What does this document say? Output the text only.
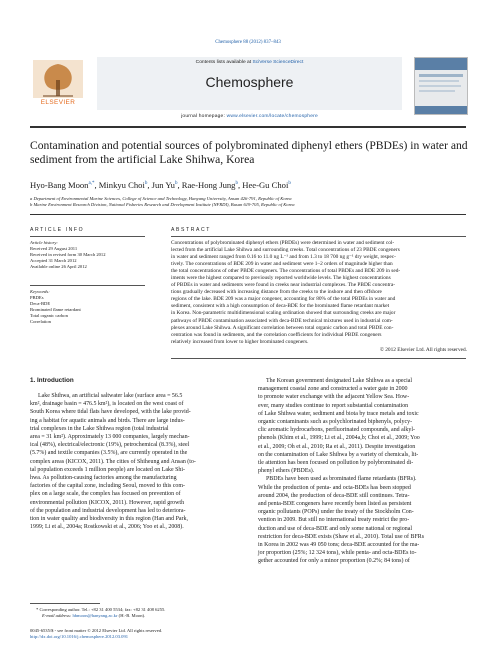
Chemosphere 88 (2012) 837–843
ELSEVIER
Contents lists available at SciVerse ScienceDirect
Chemosphere
journal homepage: www.elsevier.com/locate/chemosphere
Contamination and potential sources of polybrominated diphenyl ethers (PBDEs) in water and sediment from the artificial Lake Shihwa, Korea
Hyo-Bang Moon$^{a,*}$, Minkyu Choi$^b$, Jun Yu$^b$, Rae-Hong Jung$^b$, Hee-Gu Choi$^b$
a Department of Environmental Marine Sciences, College of Science and Technology, Hanyang University, Ansan 426-791, Republic of Korea
b Marine Environment Research Division, National Fisheries Research and Development Institute (NFRDI), Busan 619-705, Republic of Korea
ARTICLE INFO
Article history:
Received 29 August 2011
Received in revised form 30 March 2012
Accepted 31 March 2012
Available online 26 April 2012
Keywords:
PBDEs
Deca-BDE
Brominated flame retardant
Total organic carbon
Correlation
ABSTRACT
Concentrations of polybrominated diphenyl ethers (PBDEs) were determined in water and sediment col-
lected from the artificial Lake Shihwa and surrounding creeks. Total concentrations of 23 PBDE congeners
in water and sediment ranged from 0.16 to 11.0 ng L⁻¹ and from 1.3 to 18 700 ng g⁻¹ dry weight, respec-
tively. The concentrations of BDE 209 in water and sediment were 1–2 orders of magnitude higher than
the total concentrations of other PBDE congeners. The concentrations of total PBDEs and BDE 209 in sed-
iments were the highest compared to previously reported worldwide levels. The highest concentrations
of PBDEs in water and sediments were found in creeks near industrial complexes. The PBDE concentra-
tions gradually decreased with increasing distance from the creeks to the inshore and then offshore
regions of the lake. BDE 209 was a major congener, accounting for 80% of the total PBDEs in water and
sediment, consistent with a high consumption of deca-BDE for the brominated flame retardant market
in Korea. Non-parametric multidimensional scaling ordination showed that surrounding creeks are major
pathways of PBDE contamination associated with deca-BDE technical mixtures used in industrial com-
plexes around Lake Shihwa. A significant correlation between total organic carbon and total PBDE con-
centration was found in sediments, and the correlation coefficients for individual PBDE congeners
relatively increased from lower to higher brominated congeners.
© 2012 Elsevier Ltd. All rights reserved.
1. Introduction
Lake Shihwa, an artificial saltwater lake (surface area = 56.5
km², drainage basin = 476.5 km²), is located on the west coast of
South Korea where tidal flats have developed, with the lake provid-
ing a habitat for aquatic animals and birds. There are large indus-
trial complexes in the Lake Shihwa region (total industrial
area = 31 km²). Approximately 13 000 companies, largely mechan-
ical (48%), electrical/electronic (19%), petrochemical (8.3%), steel
(5.7%) and textile companies (3.5%), are currently operated in the
complex areas (KICOX, 2011). The cities of Shiheung and Ansan (to-
tal population exceeds 1 million people) are located on Lake Shi-
hwa. As pollution-causing factories among the manufacturing
factories of the capital zone, including Seoul, moved to this com-
plex on a large scale, the complex has focused on prevention of
environmental pollution (KICOX, 2011). However, rapid growth
of the population and industrial development has led to deteriora-
tion in water quality and biodiversity in this region (Han and Park,
1999; Li et al., 2004a; Rostkowski et al., 2006; Yoo et al., 2008).
The Korean government designated Lake Shihwa as a special
management coastal zone and constructed a water gate in 2000
to promote water exchange with the adjacent Yellow Sea. How-
ever, many studies continue to report substantial contamination
of Lake Shihwa water, sediment and biota by trace metals and toxic
organic contaminants such as polychlorinated biphenyls, polycy-
clic aromatic hydrocarbons, perfluorinated compounds, and alkyl-
phenols (Khim et al., 1999; Li et al., 2004a,b; Choi et al., 2009; Yoo
et al., 2009; Oh et al., 2010; Ra et al., 2011). Despite investigation
on the contamination of Lake Shihwa by a variety of chemicals, lit-
tle attention has been focused on pollution by polybrominated di-
phenyl ethers (PBDEs).
PBDEs have been used as brominated flame retardants (BFRs).
While the production of penta- and octa-BDEs has been stopped
around 2004, the production of deca-BDE still continues. Tetra-
and penta-BDE congeners have recently been listed as persistent
organic pollutants (POPs) under the treaty of the Stockholm Con-
vention in 2009. But still no international treaty restrict the pro-
duction and use of deca-BDE and only some national or regional
restriction for deca-BDE exists (Shaw et al., 2010). Total use of BFRs
in Korea in 2002 was 49 050 tons; deca-BDE accounted for the ma-
jor proportion (25%; 12 324 tons), while penta- and octa-BDEs to-
gether accounted for only a minor proportion (0.2%; 84 tons) of
* Corresponding author. Tel.: +82 31 400 5534; fax: +82 31 408 6255.
E-mail address: hbmoon@hanyang.ac.kr (H.-B. Moon).
0045-6535/$ - see front matter © 2012 Elsevier Ltd. All rights reserved.
http://dx.doi.org/10.1016/j.chemosphere.2012.03.091
